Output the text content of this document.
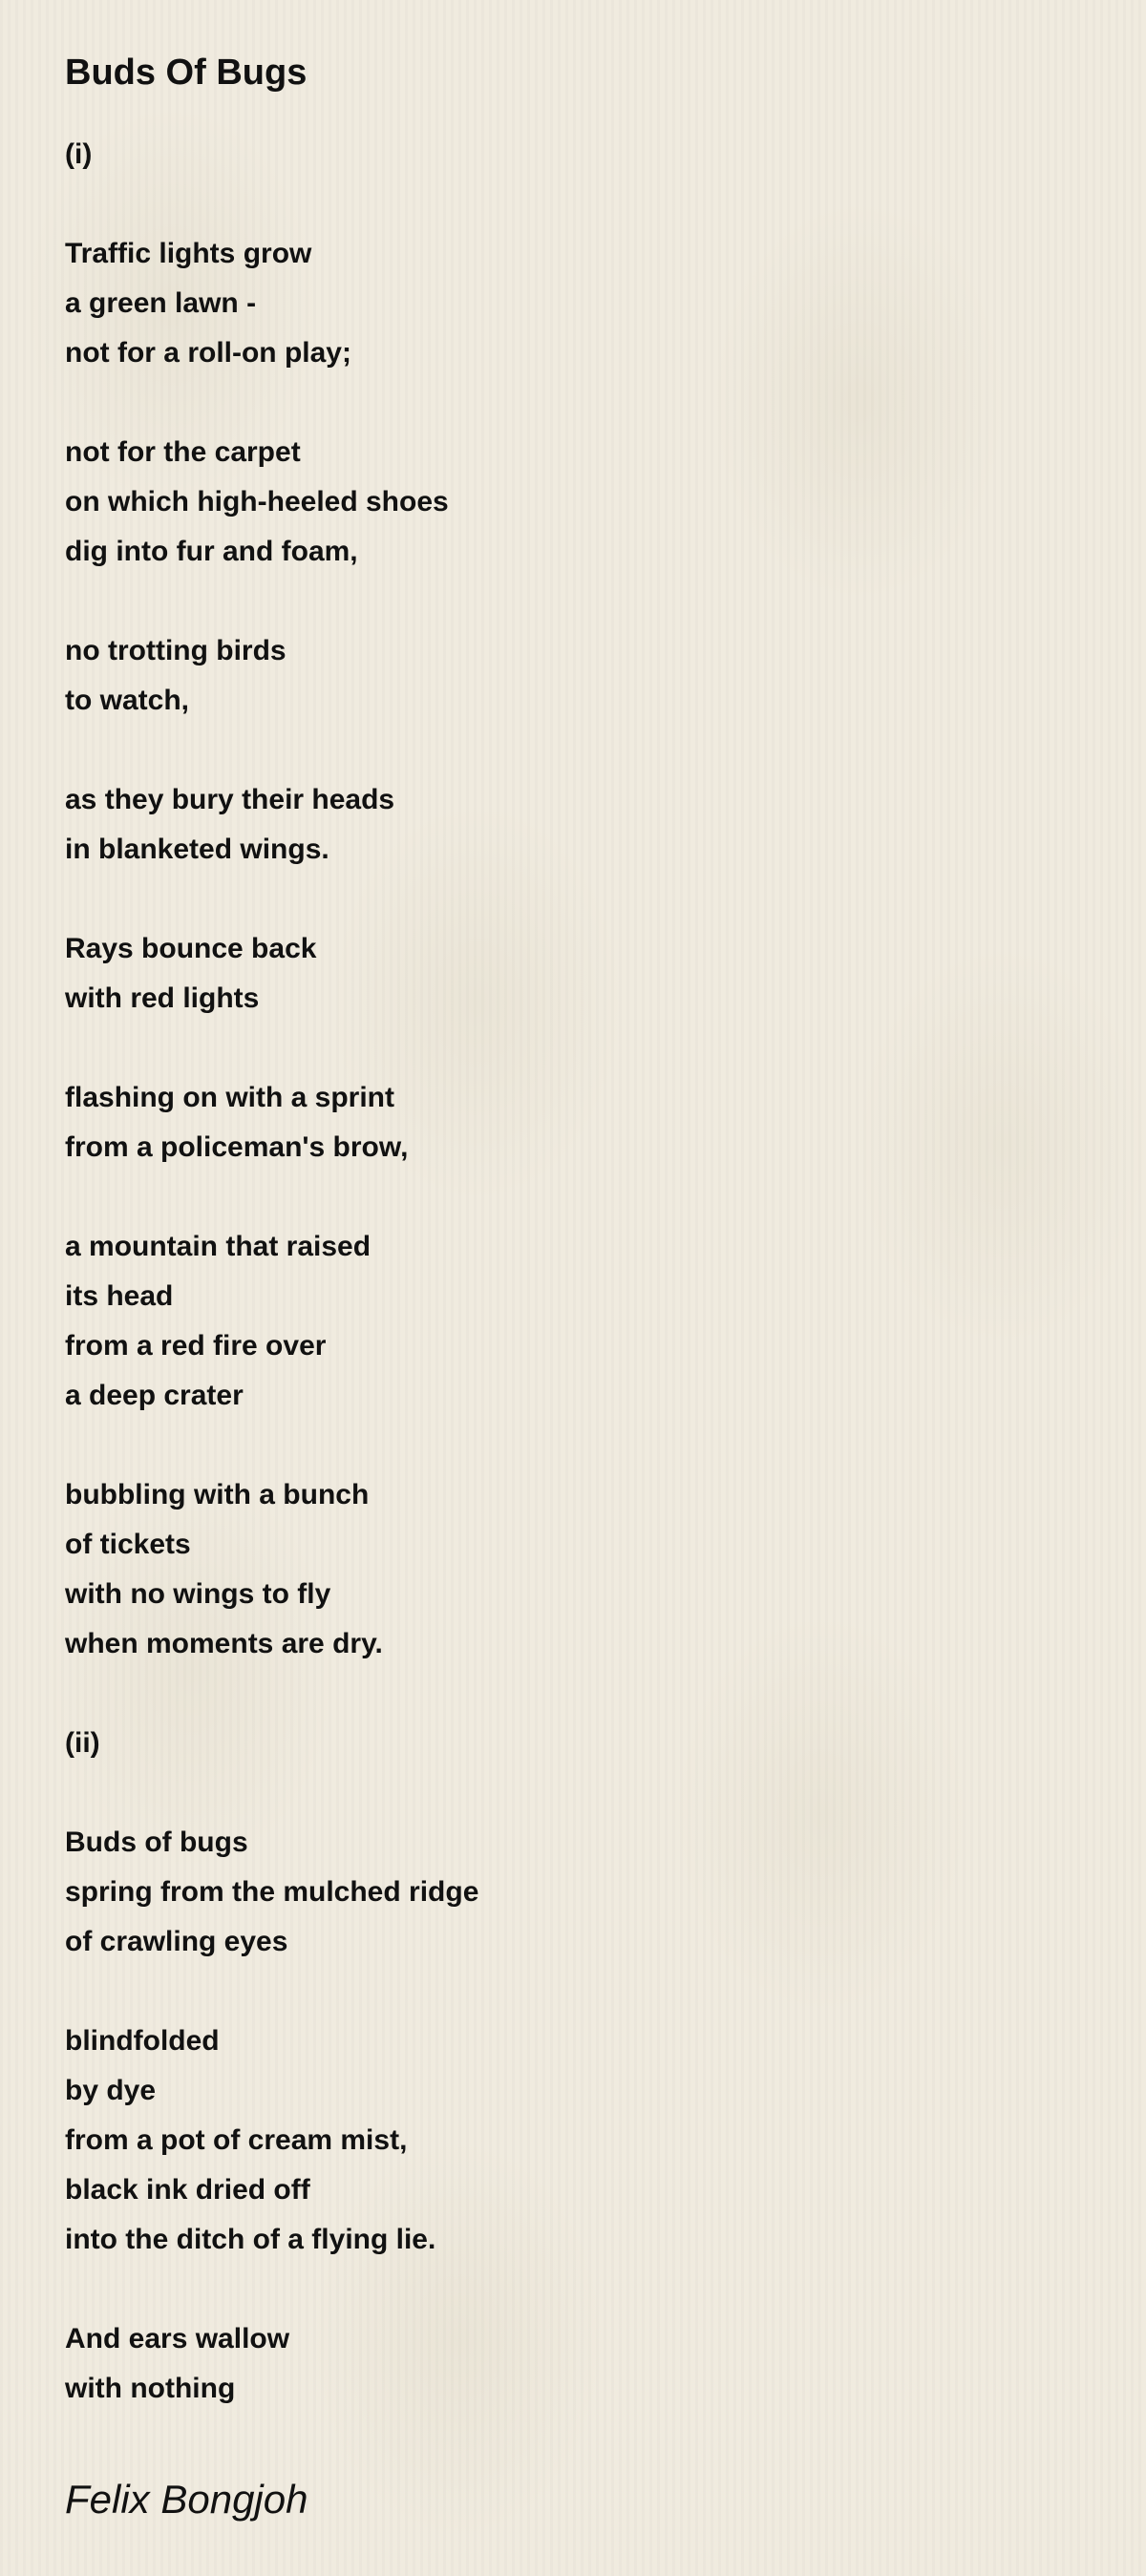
Buds Of Bugs
(i)
Traffic lights grow
a green lawn -
not for a roll-on play;
not for the carpet
on which high-heeled shoes
dig into fur and foam,
no trotting birds
to watch,
as they bury their heads
in blanketed wings.
Rays bounce back
with red lights
flashing on with a sprint
from a policeman's brow,
a mountain that raised
its head
from a red fire over
a deep crater
bubbling with a bunch
of tickets
with no wings to fly
when moments are dry.
(ii)
Buds of bugs
spring from the mulched ridge
of crawling eyes
blindfolded
by dye
from a pot of cream mist,
black ink dried off
into the ditch of a flying lie.
And ears wallow
with nothing
Felix Bongjoh
